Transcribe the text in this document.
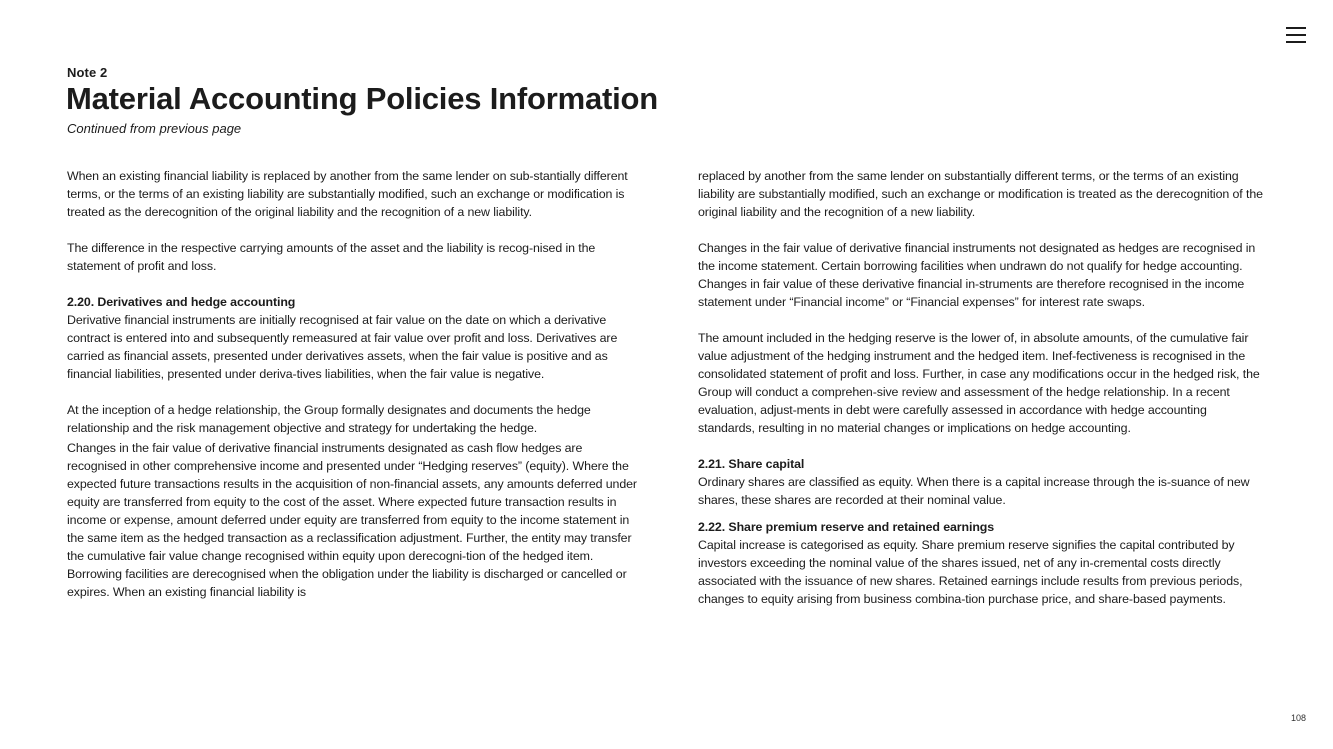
Note 2
Material Accounting Policies Information
Continued from previous page

When an existing financial liability is replaced by another from the same lender on sub-stantially different terms, or the terms of an existing liability are substantially modified, such an exchange or modification is treated as the derecognition of the original liability and the recognition of a new liability.

The difference in the respective carrying amounts of the asset and the liability is recog-nised in the statement of profit and loss.

2.20. Derivatives and hedge accounting

Derivative financial instruments are initially recognised at fair value on the date on which a derivative contract is entered into and subsequently remeasured at fair value over profit and loss. Derivatives are carried as financial assets, presented under derivatives assets, when the fair value is positive and as financial liabilities, presented under deriva-tives liabilities, when the fair value is negative.

At the inception of a hedge relationship, the Group formally designates and documents the hedge relationship and the risk management objective and strategy for undertaking the hedge.

Changes in the fair value of derivative financial instruments designated as cash flow hedges are recognised in other comprehensive income and presented under “Hedging reserves” (equity). Where the expected future transactions results in the acquisition of non-financial assets, any amounts deferred under equity are transferred from equity to the cost of the asset. Where expected future transaction results in income or expense, amount deferred under equity are transferred from equity to the income statement in the same item as the hedged transaction as a reclassification adjustment. Further, the entity may transfer the cumulative fair value change recognised within equity upon derecogni-tion of the hedged item. Borrowing facilities are derecognised when the obligation under the liability is discharged or cancelled or expires. When an existing financial liability is

replaced by another from the same lender on substantially different terms, or the terms of an existing liability are substantially modified, such an exchange or modification is treated as the derecognition of the original liability and the recognition of a new liability.

Changes in the fair value of derivative financial instruments not designated as hedges are recognised in the income statement. Certain borrowing facilities when undrawn do not qualify for hedge accounting. Changes in fair value of these derivative financial in-struments are therefore recognised in the income statement under “Financial income” or “Financial expenses” for interest rate swaps.

The amount included in the hedging reserve is the lower of, in absolute amounts, of the cumulative fair value adjustment of the hedging instrument and the hedged item. Inef-fectiveness is recognised in the consolidated statement of profit and loss. Further, in case any modifications occur in the hedged risk, the Group will conduct a comprehen-sive review and assessment of the hedge relationship. In a recent evaluation, adjust-ments in debt were carefully assessed in accordance with hedge accounting standards, resulting in no material changes or implications on hedge accounting.

2.21. Share capital

Ordinary shares are classified as equity. When there is a capital increase through the is-suance of new shares, these shares are recorded at their nominal value.

2.22. Share premium reserve and retained earnings

Capital increase is categorised as equity. Share premium reserve signifies the capital contributed by investors exceeding the nominal value of the shares issued, net of any in-cremental costs directly associated with the issuance of new shares. Retained earnings include results from previous periods, changes to equity arising from business combina-tion purchase price, and share-based payments.

108
